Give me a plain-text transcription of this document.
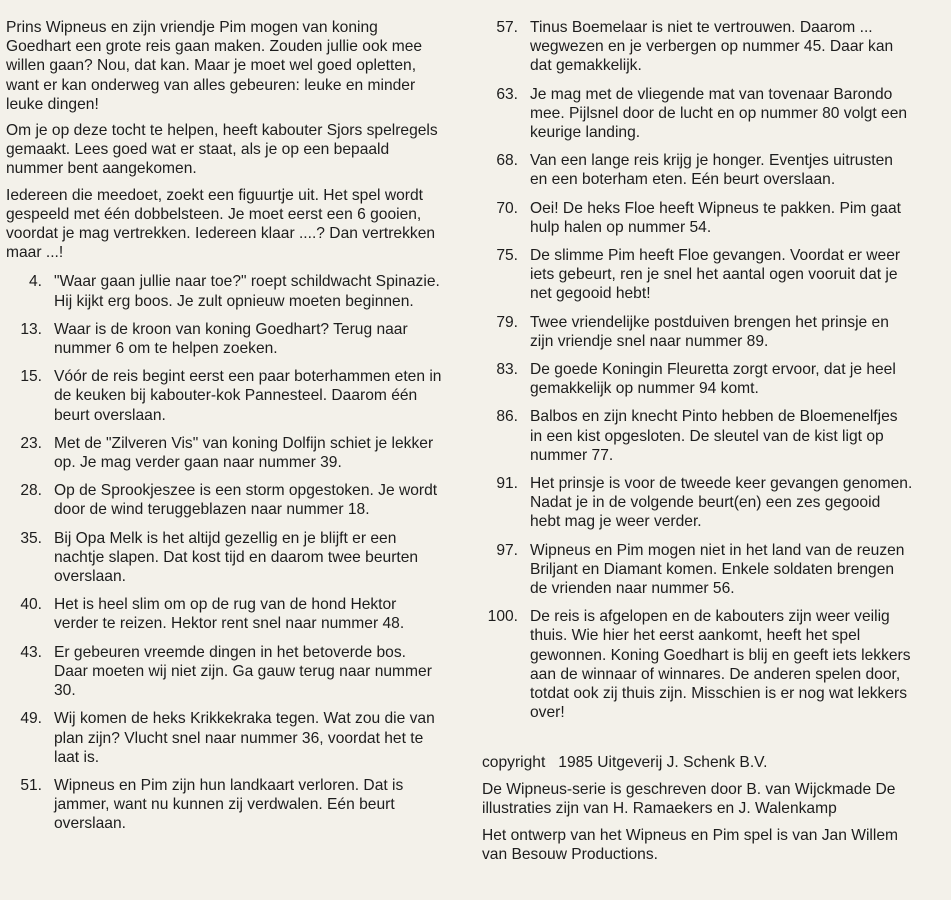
Prins Wipneus en zijn vriendje Pim mogen van koning Goedhart een grote reis gaan maken. Zouden jullie ook mee willen gaan? Nou, dat kan. Maar je moet wel goed opletten, want er kan onderweg van alles gebeuren: leuke en minder leuke dingen!

Om je op deze tocht te helpen, heeft kabouter Sjors spelregels gemaakt. Lees goed wat er staat, als je op een bepaald nummer bent aangekomen.

Iedereen die meedoet, zoekt een figuurtje uit. Het spel wordt gespeeld met één dobbelsteen. Je moet eerst een 6 gooien, voordat je mag vertrekken. Iedereen klaar ....? Dan vertrekken maar ...!

4. "Waar gaan jullie naar toe?" roept schildwacht Spinazie. Hij kijkt erg boos. Je zult opnieuw moeten beginnen.
13. Waar is de kroon van koning Goedhart? Terug naar nummer 6 om te helpen zoeken.
15. Vóór de reis begint eerst een paar boterhammen eten in de keuken bij kabouter-kok Pannesteel. Daarom één beurt overslaan.
23. Met de "Zilveren Vis" van koning Dolfijn schiet je lekker op. Je mag verder gaan naar nummer 39.
28. Op de Sprookjeszee is een storm opgestoken. Je wordt door de wind teruggeblazen naar nummer 18.
35. Bij Opa Melk is het altijd gezellig en je blijft er een nachtje slapen. Dat kost tijd en daarom twee beurten overslaan.
40. Het is heel slim om op de rug van de hond Hektor verder te reizen. Hektor rent snel naar nummer 48.
43. Er gebeuren vreemde dingen in het betoverde bos. Daar moeten wij niet zijn. Ga gauw terug naar nummer 30.
49. Wij komen de heks Krikkekraka tegen. Wat zou die van plan zijn? Vlucht snel naar nummer 36, voordat het te laat is.
51. Wipneus en Pim zijn hun landkaart verloren. Dat is jammer, want nu kunnen zij verdwalen. Eén beurt overslaan.
57. Tinus Boemelaar is niet te vertrouwen. Daarom ... wegwezen en je verbergen op nummer 45. Daar kan dat gemakkelijk.
63. Je mag met de vliegende mat van tovenaar Barondo mee. Pijlsnel door de lucht en op nummer 80 volgt een keurige landing.
68. Van een lange reis krijg je honger. Eventjes uitrusten en een boterham eten. Eén beurt overslaan.
70. Oei! De heks Floe heeft Wipneus te pakken. Pim gaat hulp halen op nummer 54.
75. De slimme Pim heeft Floe gevangen. Voordat er weer iets gebeurt, ren je snel het aantal ogen vooruit dat je net gegooid hebt!
79. Twee vriendelijke postduiven brengen het prinsje en zijn vriendje snel naar nummer 89.
83. De goede Koningin Fleuretta zorgt ervoor, dat je heel gemakkelijk op nummer 94 komt.
86. Balbos en zijn knecht Pinto hebben de Bloemenelfjes in een kist opgesloten. De sleutel van de kist ligt op nummer 77.
91. Het prinsje is voor de tweede keer gevangen genomen. Nadat je in de volgende beurt(en) een zes gegooid hebt mag je weer verder.
97. Wipneus en Pim mogen niet in het land van de reuzen Briljant en Diamant komen. Enkele soldaten brengen de vrienden naar nummer 56.
100. De reis is afgelopen en de kabouters zijn weer veilig thuis. Wie hier het eerst aankomt, heeft het spel gewonnen. Koning Goedhart is blij en geeft iets lekkers aan de winnaar of winnares. De anderen spelen door, totdat ook zij thuis zijn. Misschien is er nog wat lekkers over!

copyright   1985 Uitgeverij J. Schenk B.V.

De Wipneus-serie is geschreven door B. van Wijckmade De illustraties zijn van H. Ramaekers en J. Walenkamp

Het ontwerp van het Wipneus en Pim spel is van Jan Willem van Besouw Productions.
